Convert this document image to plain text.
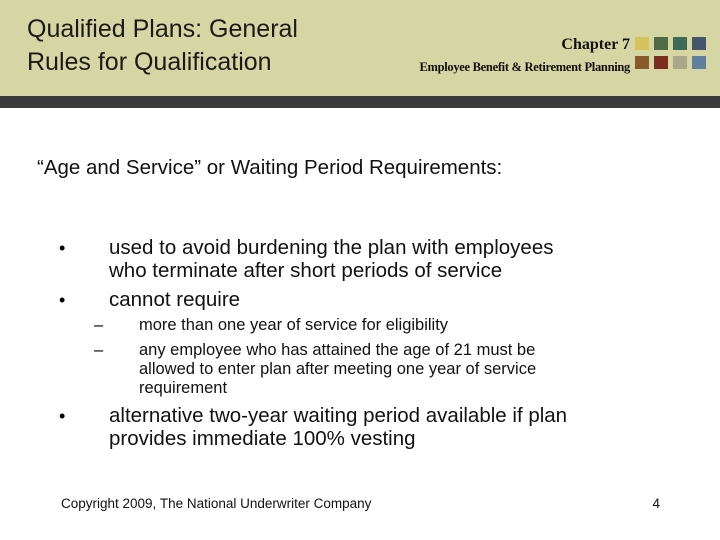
Qualified Plans: General
Rules for Qualification
Chapter 7
Employee Benefit & Retirement Planning
“Age and Service” or Waiting Period Requirements:
• used to avoid burdening the plan with employees
who terminate after short periods of service
• cannot require
– more than one year of service for eligibility
– any employee who has attained the age of 21 must be
allowed to enter plan after meeting one year of service
requirement
• alternative two-year waiting period available if plan
provides immediate 100% vesting
Copyright 2009, The National Underwriter Company	4
